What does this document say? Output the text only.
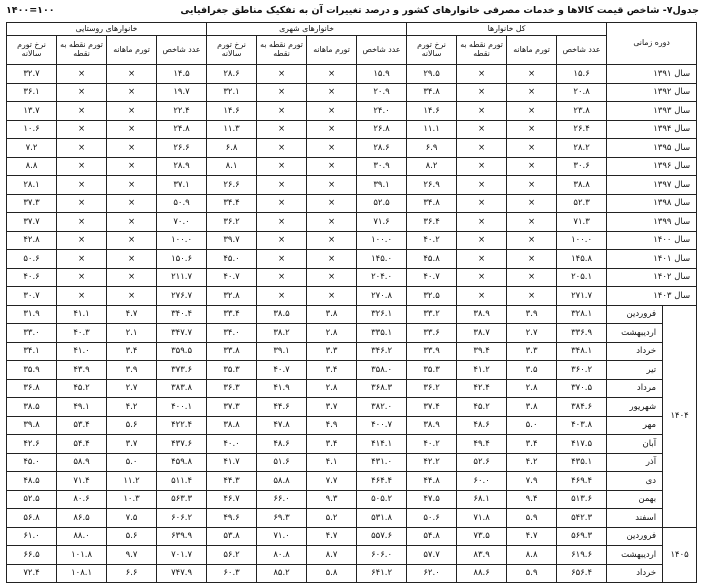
جدول۷- شاخص قیمت کالاها و خدمات مصرفی خانوارهای کشور و درصد تغییرات آن به تفکیک مناطق جغرافیایی
۱۴۰۰=۱۰۰
دوره زمانی		کل خانوارها				خانوارهای شهری				خانوارهای روستایی			
		عدد شاخص	تورم ماهانه	تورم نقطه به نقطه	نرخ تورم سالانه	عدد شاخص	تورم ماهانه	تورم نقطه به نقطه	نرخ تورم سالانه	عدد شاخص	تورم ماهانه	تورم نقطه به نقطه	نرخ تورم سالانه
سال ۱۳۹۱		۱۵.۶	×	×	۲۹.۵	۱۵.۹	×	×	۲۸.۶	۱۴.۵	×	×	۳۲.۷
سال ۱۳۹۲		۲۰.۸	×	×	۳۴.۸	۲۰.۹	×	×	۳۲.۱	۱۹.۷	×	×	۳۶.۱
سال ۱۳۹۳		۲۳.۸	×	×	۱۴.۶	۲۴.۰	×	×	۱۴.۶	۲۲.۴	×	×	۱۳.۷
سال ۱۳۹۴		۲۶.۴	×	×	۱۱.۱	۲۶.۸	×	×	۱۱.۳	۲۴.۸	×	×	۱۰.۶
سال ۱۳۹۵		۲۸.۲	×	×	۶.۹	۲۸.۶	×	×	۶.۸	۲۶.۶	×	×	۷.۲
سال ۱۳۹۶		۳۰.۶	×	×	۸.۲	۳۰.۹	×	×	۸.۱	۲۸.۹	×	×	۸.۸
سال ۱۳۹۷		۳۸.۸	×	×	۲۶.۹	۳۹.۱	×	×	۲۶.۶	۳۷.۱	×	×	۲۸.۱
سال ۱۳۹۸		۵۲.۳	×	×	۳۴.۸	۵۲.۵	×	×	۳۴.۴	۵۰.۹	×	×	۳۷.۳
سال ۱۳۹۹		۷۱.۳	×	×	۳۶.۴	۷۱.۶	×	×	۳۶.۲	۷۰.۰	×	×	۳۷.۷
سال ۱۴۰۰		۱۰۰.۰	×	×	۴۰.۲	۱۰۰.۰	×	×	۳۹.۷	۱۰۰.۰	×	×	۴۲.۸
سال ۱۴۰۱		۱۴۵.۸	×	×	۴۵.۸	۱۴۵.۰	×	×	۴۵.۰	۱۵۰.۶	×	×	۵۰.۶
سال ۱۴۰۲		۲۰۵.۱	×	×	۴۰.۷	۲۰۴.۰	×	×	۴۰.۷	۲۱۱.۷	×	×	۴۰.۶
سال ۱۴۰۳		۲۷۱.۷	×	×	۳۲.۵	۲۷۰.۸	×	×	۳۲.۸	۲۷۶.۷	×	×	۳۰.۷
۱۴۰۴	فروردین	۳۲۸.۱	۳.۹	۳۸.۹	۳۳.۲	۳۲۶.۱	۳.۸	۳۸.۵	۳۳.۴	۳۴۰.۴	۴.۷	۴۱.۱	۳۱.۹
	اردیبهشت	۳۳۶.۹	۲.۷	۳۸.۷	۳۳.۶	۳۳۵.۱	۲.۸	۳۸.۲	۳۴.۰	۳۴۷.۷	۲.۱	۴۰.۳	۳۳.۰
	خرداد	۳۴۸.۱	۳.۳	۳۹.۴	۳۳.۹	۳۴۶.۲	۳.۳	۳۹.۱	۳۳.۸	۳۵۹.۵	۳.۴	۴۱.۰	۳۴.۱
	تیر	۳۶۰.۲	۳.۵	۴۱.۲	۳۵.۳	۳۵۸.۰	۳.۴	۴۰.۷	۳۵.۳	۳۷۳.۶	۳.۹	۴۳.۹	۳۵.۹
	مرداد	۳۷۰.۵	۲.۸	۴۲.۴	۳۶.۲	۳۶۸.۳	۲.۸	۴۱.۹	۳۶.۳	۳۸۳.۸	۲.۷	۴۵.۲	۳۶.۸
	شهریور	۳۸۴.۶	۳.۸	۴۵.۲	۳۷.۴	۳۸۲.۰	۳.۷	۴۴.۶	۳۷.۳	۴۰۰.۱	۴.۲	۴۹.۱	۳۸.۵
	مهر	۴۰۳.۸	۵.۰	۴۸.۶	۳۸.۹	۴۰۰.۷	۴.۹	۴۷.۸	۳۸.۸	۴۲۲.۴	۵.۶	۵۳.۴	۳۹.۸
	آبان	۴۱۷.۵	۳.۴	۴۹.۴	۴۰.۲	۴۱۴.۱	۳.۴	۴۸.۶	۴۰.۰	۴۳۷.۶	۳.۷	۵۴.۴	۴۲.۶
	آذر	۴۳۵.۱	۴.۲	۵۲.۶	۴۲.۲	۴۳۱.۰	۴.۱	۵۱.۶	۴۱.۷	۴۵۹.۸	۵.۰	۵۸.۹	۴۵.۰
	دی	۴۶۹.۴	۷.۹	۶۰.۰	۴۴.۸	۴۶۴.۴	۷.۷	۵۸.۸	۴۴.۳	۵۱۱.۴	۱۱.۲	۷۱.۴	۴۸.۵
	بهمن	۵۱۳.۶	۹.۴	۶۸.۱	۴۷.۵	۵۰۵.۲	۹.۳	۶۶.۰	۴۶.۷	۵۶۳.۳	۱۰.۳	۸۰.۶	۵۲.۵
	اسفند	۵۴۲.۳	۵.۹	۷۱.۸	۵۰.۶	۵۳۱.۸	۵.۲	۶۹.۳	۴۹.۶	۶۰۶.۲	۷.۵	۸۶.۵	۵۶.۸
۱۴۰۵	فروردین	۵۶۹.۳	۴.۷	۷۳.۵	۵۴.۸	۵۵۷.۶	۴.۷	۷۱.۰	۵۳.۸	۶۳۹.۹	۵.۶	۸۸.۰	۶۱.۰
	اردیبهشت	۶۱۹.۶	۸.۸	۸۳.۹	۵۷.۷	۶۰۶.۰	۸.۷	۸۰.۸	۵۶.۲	۷۰۱.۷	۹.۷	۱۰۱.۸	۶۶.۵
	خرداد	۶۵۶.۴	۵.۹	۸۸.۶	۶۲.۰	۶۴۱.۲	۵.۸	۸۵.۲	۶۰.۳	۷۴۷.۹	۶.۶	۱۰۸.۱	۷۲.۴
